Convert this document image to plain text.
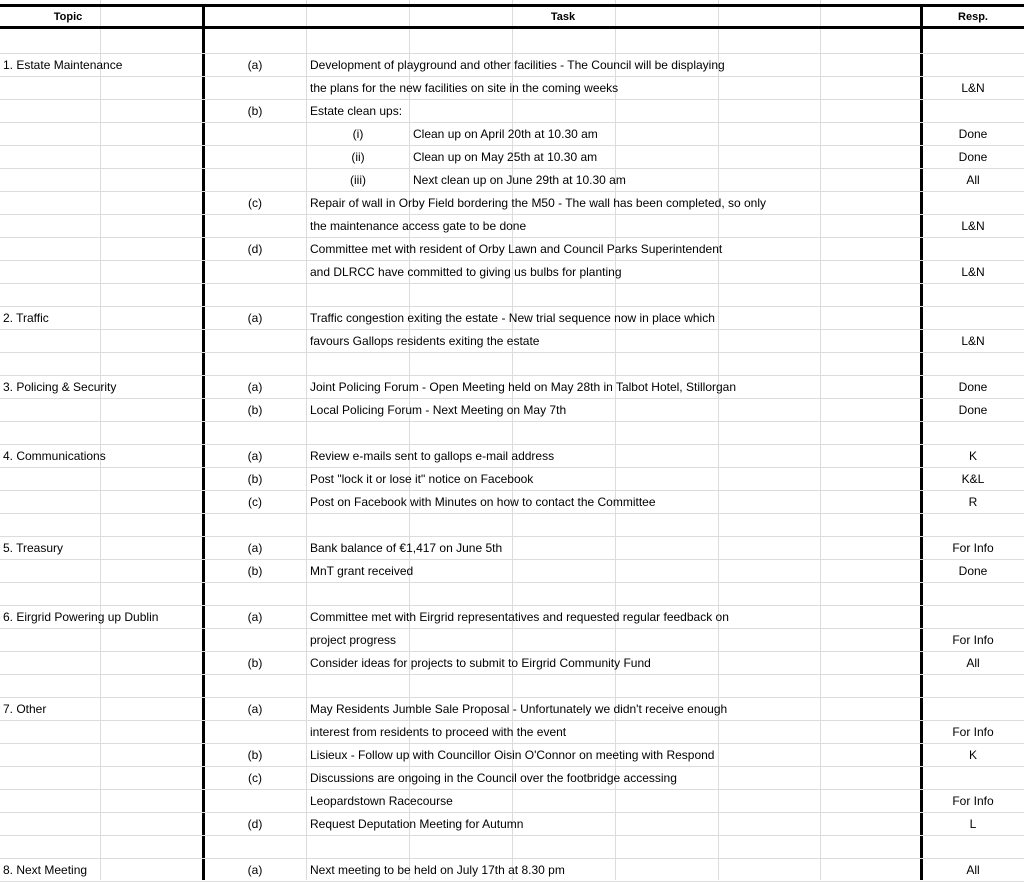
Topic	Task	Resp.
1. Estate Maintenance	(a)	Development of playground and other facilities - The Council will be displaying
the plans for the new facilities on site in the coming weeks	L&N
(b)	Estate clean ups:
(i)	Clean up on April 20th at 10.30 am	Done
(ii)	Clean up on May 25th at 10.30 am	Done
(iii)	Next clean up on June 29th at 10.30 am	All
(c)	Repair of wall in Orby Field bordering the M50 - The wall has been completed, so only
the maintenance access gate to be done	L&N
(d)	Committee met with resident of Orby Lawn and Council Parks Superintendent
and DLRCC have committed to giving us bulbs for planting	L&N
2. Traffic	(a)	Traffic congestion exiting the estate - New trial sequence now in place which
favours Gallops residents exiting the estate	L&N
3. Policing & Security	(a)	Joint Policing Forum - Open Meeting held on May 28th in Talbot Hotel, Stillorgan	Done
(b)	Local Policing Forum - Next Meeting on May 7th	Done
4. Communications	(a)	Review e-mails sent to gallops e-mail address	K
(b)	Post "lock it or lose it" notice on Facebook	K&L
(c)	Post on Facebook with Minutes on how to contact the Committee	R
5. Treasury	(a)	Bank balance of €1,417 on June 5th	For Info
(b)	MnT grant received	Done
6. Eirgrid Powering up Dublin	(a)	Committee met with Eirgrid representatives and requested regular feedback on
project progress	For Info
(b)	Consider ideas for projects to submit to Eirgrid Community Fund	All
7. Other	(a)	May Residents Jumble Sale Proposal - Unfortunately we didn't receive enough
interest from residents to proceed with the event	For Info
(b)	Lisieux - Follow up with Councillor Oisin O'Connor on meeting with Respond	K
(c)	Discussions are ongoing in the Council over the footbridge accessing
Leopardstown Racecourse	For Info
(d)	Request Deputation Meeting for Autumn	L
8. Next Meeting	(a)	Next meeting to be held on July 17th at 8.30 pm	All
